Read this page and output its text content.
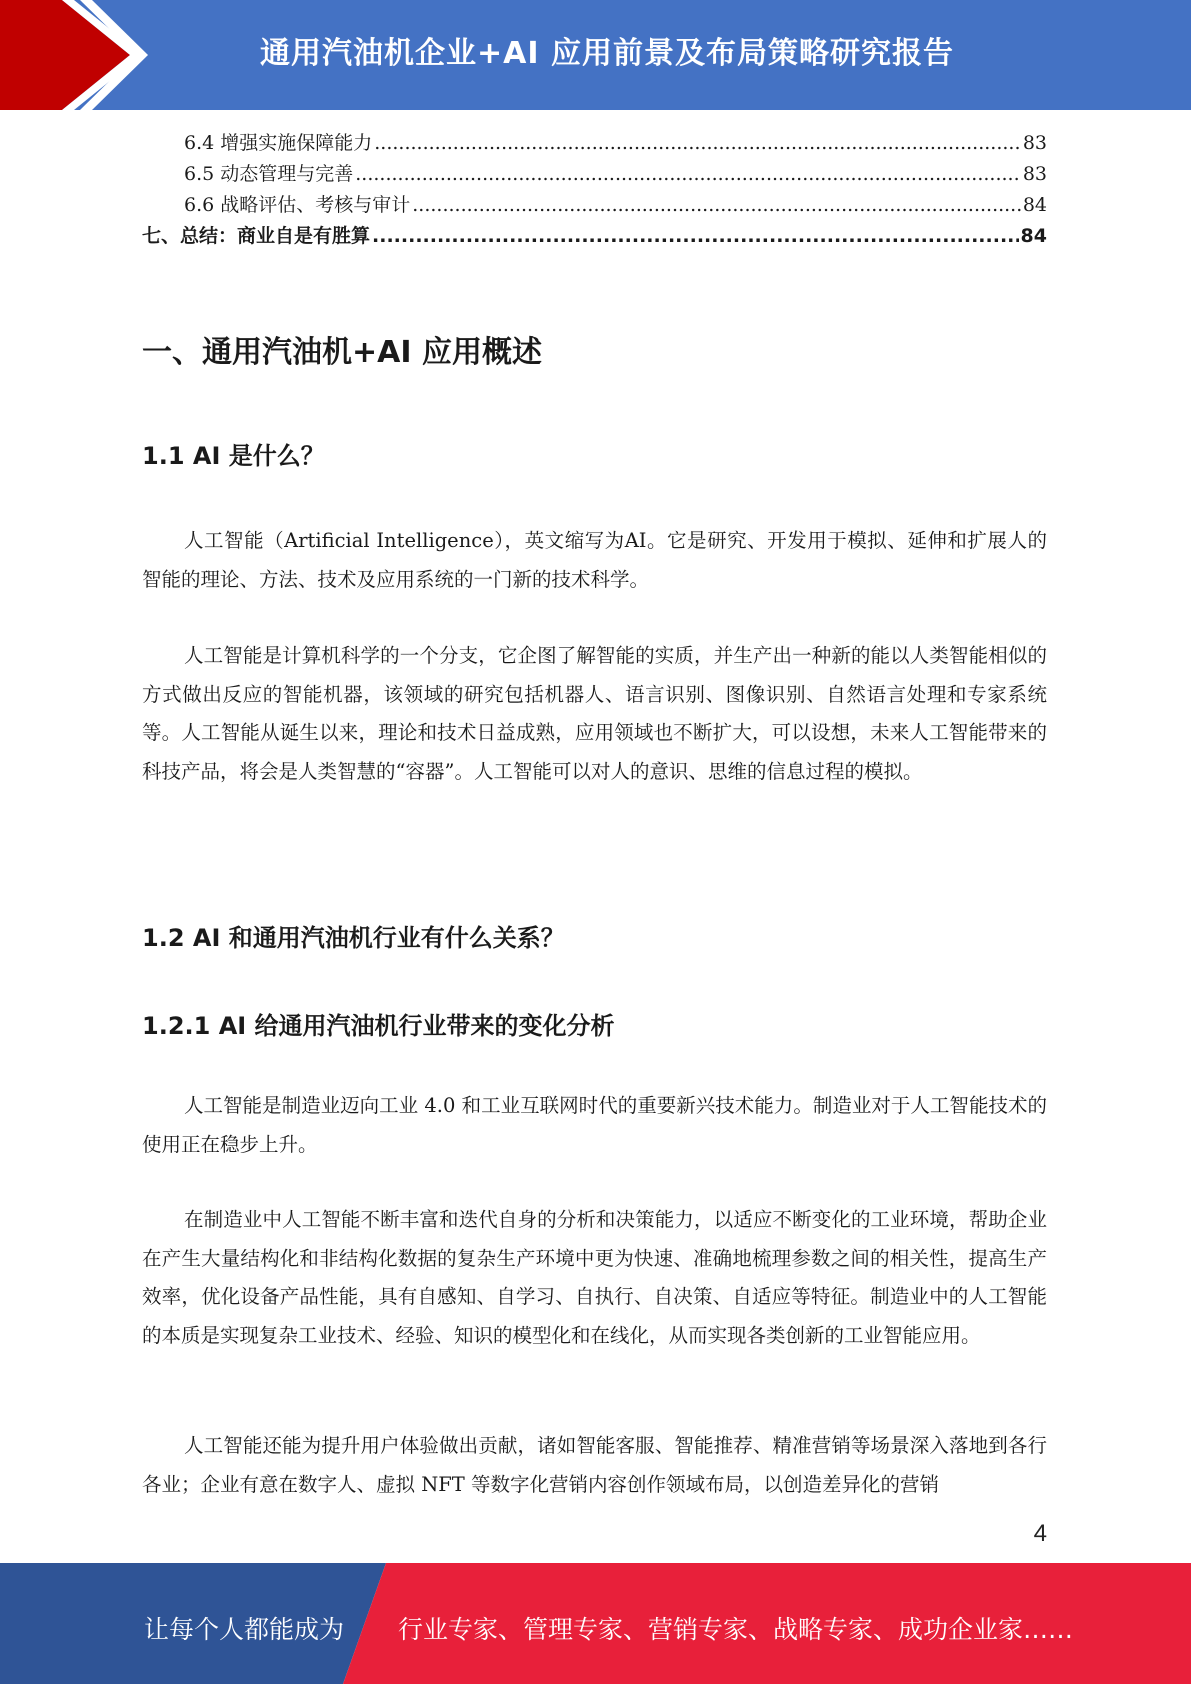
通用汽油机企业+AI 应用前景及布局策略研究报告
6.4 增强实施保障能力 .....	83
6.5 动态管理与完善 .....	83
6.6 战略评估、考核与审计 .....	84
七、总结：商业自是有胜算 .....	84
一、通用汽油机+AI 应用概述
1.1 AI 是什么？

人工智能（Artificial Intelligence），英文缩写为AI。它是研究、开发用于模拟、延伸和扩展人的智能的理论、方法、技术及应用系统的一门新的技术科学。

人工智能是计算机科学的一个分支，它企图了解智能的实质，并生产出一种新的能以人类智能相似的方式做出反应的智能机器，该领域的研究包括机器人、语言识别、图像识别、自然语言处理和专家系统等。人工智能从诞生以来，理论和技术日益成熟，应用领域也不断扩大，可以设想，未来人工智能带来的科技产品，将会是人类智慧的“容器”。人工智能可以对人的意识、思维的信息过程的模拟。

1.2 AI 和通用汽油机行业有什么关系？
1.2.1 AI 给通用汽油机行业带来的变化分析

人工智能是制造业迈向工业 4.0 和工业互联网时代的重要新兴技术能力。制造业对于人工智能技术的使用正在稳步上升。

在制造业中人工智能不断丰富和迭代自身的分析和决策能力，以适应不断变化的工业环境，帮助企业在产生大量结构化和非结构化数据的复杂生产环境中更为快速、准确地梳理参数之间的相关性，提高生产效率，优化设备产品性能，具有自感知、自学习、自执行、自决策、自适应等特征。制造业中的人工智能的本质是实现复杂工业技术、经验、知识的模型化和在线化，从而实现各类创新的工业智能应用。

人工智能还能为提升用户体验做出贡献，诸如智能客服、智能推荐、精准营销等场景深入落地到各行各业；企业有意在数字人、虚拟 NFT 等数字化营销内容创作领域布局，以创造差异化的营销

4
让每个人都能成为 行业专家、管理专家、营销专家、战略专家、成功企业家……
